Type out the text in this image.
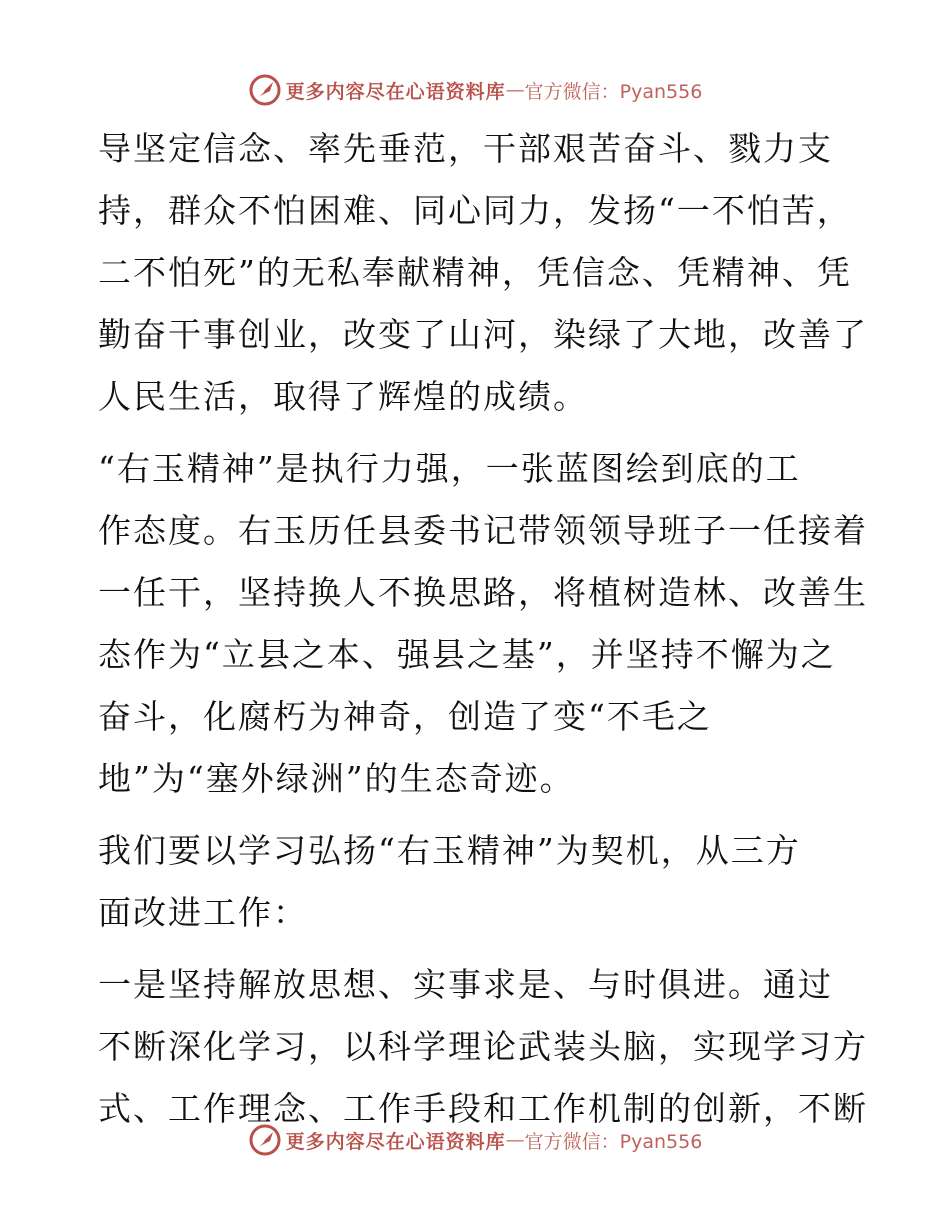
更多内容尽在心语资料库 — 官方微信：Pyan556
导坚定信念、率先垂范，干部艰苦奋斗、戮力支
持，群众不怕困难、同心同力，发扬“一不怕苦，
二不怕死”的无私奉献精神，凭信念、凭精神、凭
勤奋干事创业，改变了山河，染绿了大地，改善了
人民生活，取得了辉煌的成绩。
“右玉精神”是执行力强，一张蓝图绘到底的工
作态度。右玉历任县委书记带领领导班子一任接着
一任干，坚持换人不换思路，将植树造林、改善生
态作为“立县之本、强县之基”，并坚持不懈为之
奋斗，化腐朽为神奇，创造了变“不毛之
地”为“塞外绿洲”的生态奇迹。
我们要以学习弘扬“右玉精神”为契机，从三方
面改进工作：
一是坚持解放思想、实事求是、与时俱进。通过
不断深化学习，以科学理论武装头脑，实现学习方
式、工作理念、工作手段和工作机制的创新，不断
更多内容尽在心语资料库 — 官方微信：Pyan556
